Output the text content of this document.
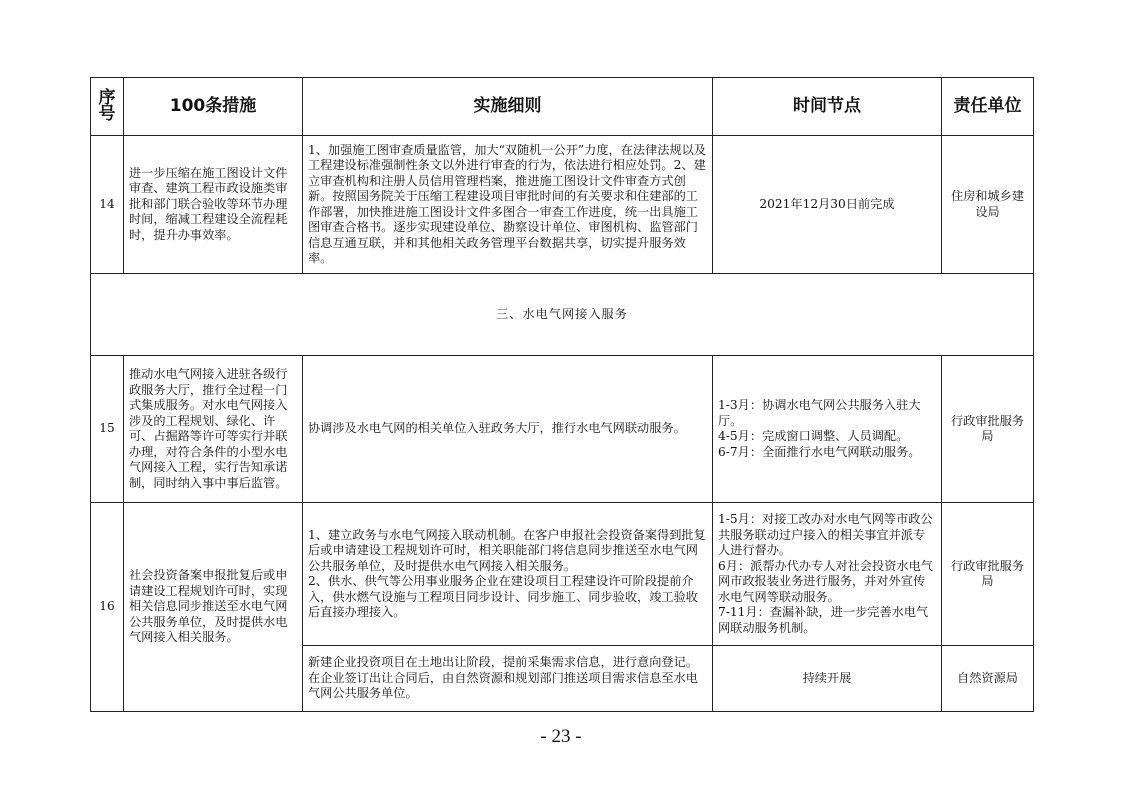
序号	100条措施	实施细则	时间节点	责任单位
14	进一步压缩在施工图设计文件审查、建筑工程市政设施类审批和部门联合验收等环节办理时间，缩减工程建设全流程耗时，提升办事效率。	1、加强施工图审查质量监管，加大“双随机一公开”力度，在法律法规以及工程建设标准强制性条文以外进行审查的行为，依法进行相应处罚。2、建立审查机构和注册人员信用管理档案，推进施工图设计文件审查方式创新。按照国务院关于压缩工程建设项目审批时间的有关要求和住建部的工作部署，加快推进施工图设计文件多图合一审查工作进度，统一出具施工图审查合格书。逐步实现建设单位、勘察设计单位、审图机构、监管部门信息互通互联，并和其他相关政务管理平台数据共享，切实提升服务效率。	2021年12月30日前完成	住房和城乡建设局
三、水电气网接入服务				
15	推动水电气网接入进驻各级行政服务大厅，推行全过程一门式集成服务。对水电气网接入涉及的工程规划、绿化、许可、占掘路等许可等实行并联办理，对符合条件的小型水电气网接入工程，实行告知承诺制，同时纳入事中事后监管。	协调涉及水电气网的相关单位入驻政务大厅，推行水电气网联动服务。	1-3月：协调水电气网公共服务入驻大厅。
4-5月：完成窗口调整、人员调配。
6-7月：全面推行水电气网联动服务。	行政审批服务局
16	社会投资备案申报批复后或申请建设工程规划许可时，实现相关信息同步推送至水电气网公共服务单位，及时提供水电气网接入相关服务。	1、建立政务与水电气网接入联动机制。在客户申报社会投资备案得到批复后或申请建设工程规划许可时，相关职能部门将信息同步推送至水电气网公共服务单位，及时提供水电气网接入相关服务。
2、供水、供气等公用事业服务企业在建设项目工程建设许可阶段提前介入，供水燃气设施与工程项目同步设计、同步施工、同步验收，竣工验收后直接办理接入。	1-5月：对接工改办对水电气网等市政公共服务联动过户接入的相关事宜并派专人进行督办。
6月：派帮办代办专人对社会投资水电气网市政报装业务进行服务，并对外宣传水电气网等联动服务。
7-11月：查漏补缺，进一步完善水电气网联动服务机制。	行政审批服务局
		新建企业投资项目在土地出让阶段，提前采集需求信息，进行意向登记。在企业签订出让合同后，由自然资源和规划部门推送项目需求信息至水电气网公共服务单位。	持续开展	自然资源局
- 23 -
